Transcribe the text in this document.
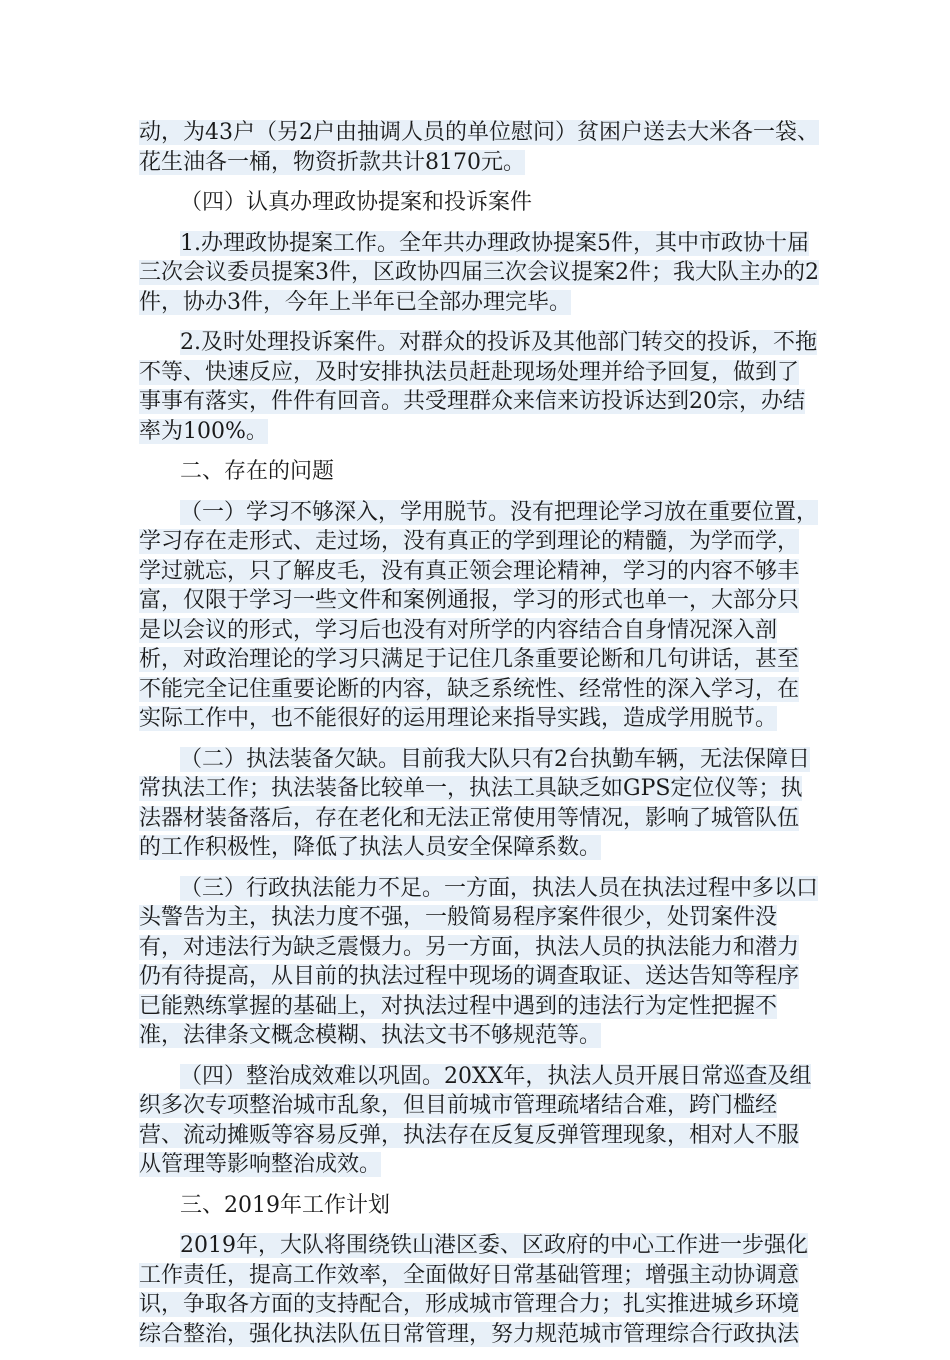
动，为43户（另2户由抽调人员的单位慰问）贫困户送去大米各一袋、花生油各一桶，物资折款共计8170元。

（四）认真办理政协提案和投诉案件

1.办理政协提案工作。全年共办理政协提案5件，其中市政协十届三次会议委员提案3件，区政协四届三次会议提案2件；我大队主办的2件，协办3件，今年上半年已全部办理完毕。

2.及时处理投诉案件。对群众的投诉及其他部门转交的投诉，不拖不等、快速反应，及时安排执法员赶赴现场处理并给予回复，做到了事事有落实，件件有回音。共受理群众来信来访投诉达到20宗，办结率为100%。

二、存在的问题

（一）学习不够深入，学用脱节。没有把理论学习放在重要位置，学习存在走形式、走过场，没有真正的学到理论的精髓，为学而学，学过就忘，只了解皮毛，没有真正领会理论精神，学习的内容不够丰富，仅限于学习一些文件和案例通报，学习的形式也单一，大部分只是以会议的形式，学习后也没有对所学的内容结合自身情况深入剖析，对政治理论的学习只满足于记住几条重要论断和几句讲话，甚至不能完全记住重要论断的内容，缺乏系统性、经常性的深入学习，在实际工作中，也不能很好的运用理论来指导实践，造成学用脱节。

（二）执法装备欠缺。目前我大队只有2台执勤车辆，无法保障日常执法工作；执法装备比较单一，执法工具缺乏如GPS定位仪等；执法器材装备落后，存在老化和无法正常使用等情况，影响了城管队伍的工作积极性，降低了执法人员安全保障系数。

（三）行政执法能力不足。一方面，执法人员在执法过程中多以口头警告为主，执法力度不强，一般简易程序案件很少，处罚案件没有，对违法行为缺乏震慑力。另一方面，执法人员的执法能力和潜力仍有待提高，从目前的执法过程中现场的调查取证、送达告知等程序已能熟练掌握的基础上，对执法过程中遇到的违法行为定性把握不准，法律条文概念模糊、执法文书不够规范等。

（四）整治成效难以巩固。20XX年，执法人员开展日常巡查及组织多次专项整治城市乱象，但目前城市管理疏堵结合难，跨门槛经营、流动摊贩等容易反弹，执法存在反复反弹管理现象，相对人不服从管理等影响整治成效。

三、2019年工作计划

2019年，大队将围绕铁山港区委、区政府的中心工作进一步强化工作责任，提高工作效率，全面做好日常基础管理；增强主动协调意识，争取各方面的支持配合，形成城市管理合力；扎实推进城乡环境综合整治，强化执法队伍日常管理，努力规范城市管理综合行政执法
